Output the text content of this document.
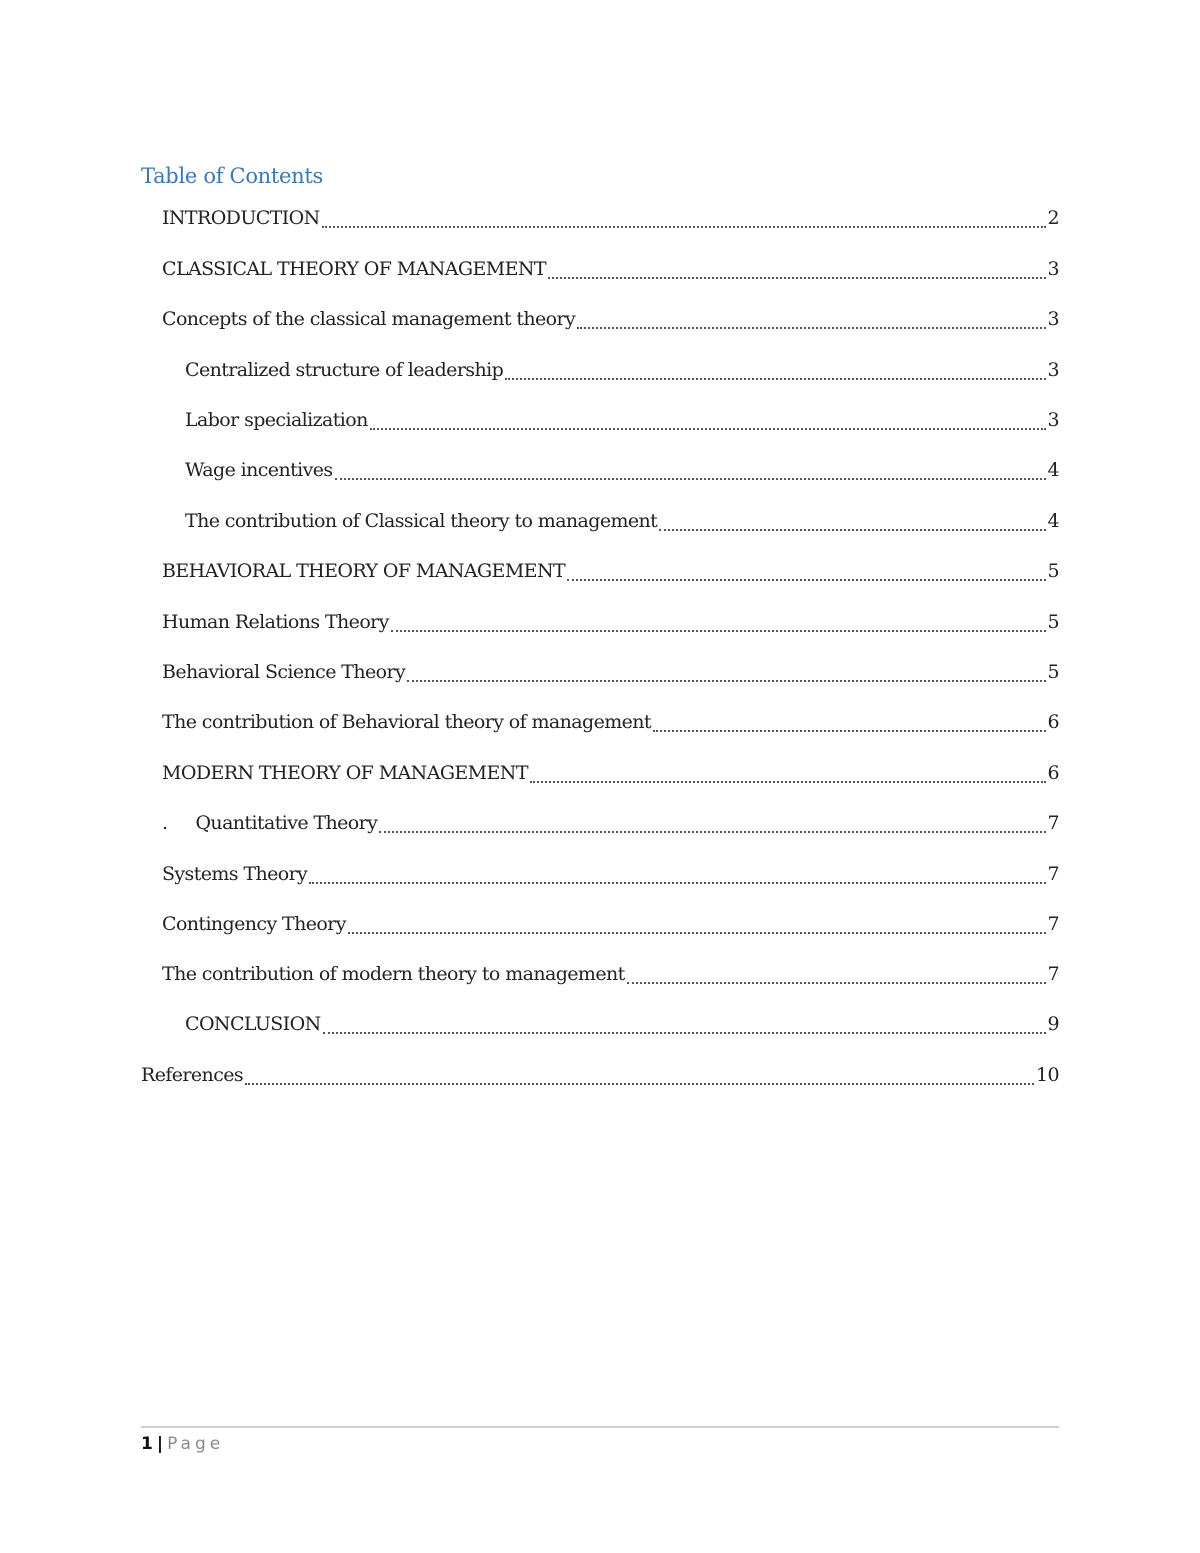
Table of Contents
INTRODUCTION	2
CLASSICAL THEORY OF MANAGEMENT	3
Concepts of the classical management theory	3
Centralized structure of leadership	3
Labor specialization	3
Wage incentives	4
The contribution of Classical theory to management	4
BEHAVIORAL THEORY OF MANAGEMENT	5
Human Relations Theory	5
Behavioral Science Theory	5
The contribution of Behavioral theory of management	6
MODERN THEORY OF MANAGEMENT	6
. Quantitative Theory	7
Systems Theory	7
Contingency Theory	7
The contribution of modern theory to management	7
CONCLUSION	9
References	10
1 | Page
